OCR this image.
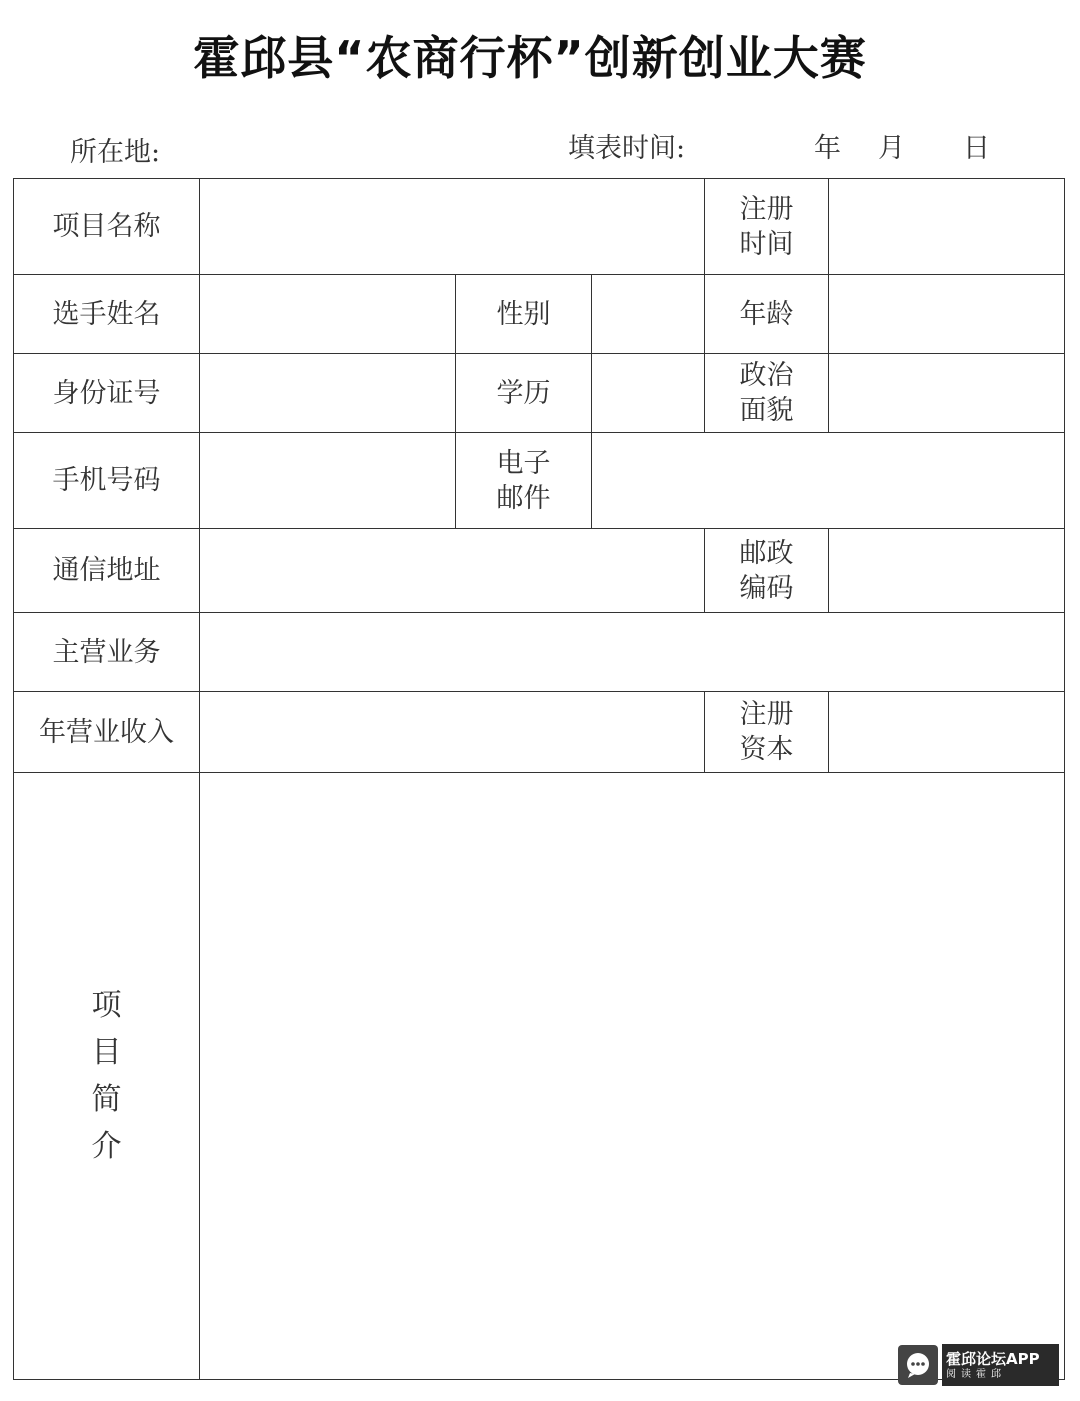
霍邱县“农商行杯”创新创业大赛
所在地:	填表时间:	年 月 日
项目名称				注册
时间	
选手姓名		性别		年龄	
身份证号		学历		政治
面貌	
手机号码		电子
邮件			
通信地址				邮政
编码	
主营业务					
年营业收入				注册
资本	
项目简介					
霍邱论坛APP
阅读霍邱
